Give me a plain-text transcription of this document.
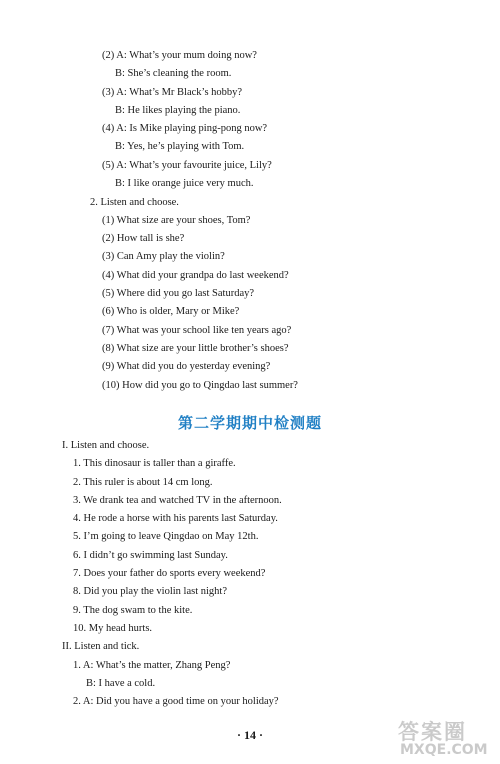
(2) A: What’s your mum doing now?
B: She’s cleaning the room.
(3) A: What’s Mr Black’s hobby?
B: He likes playing the piano.
(4) A: Is Mike playing ping-pong now?
B: Yes, he’s playing with Tom.
(5) A: What’s your favourite juice, Lily?
B: I like orange juice very much.
2. Listen and choose.
(1) What size are your shoes, Tom?
(2) How tall is she?
(3) Can Amy play the violin?
(4) What did your grandpa do last weekend?
(5) Where did you go last Saturday?
(6) Who is older, Mary or Mike?
(7) What was your school like ten years ago?
(8) What size are your little brother’s shoes?
(9) What did you do yesterday evening?
(10) How did you go to Qingdao last summer?
第二学期期中检测题
I. Listen and choose.
1. This dinosaur is taller than a giraffe.
2. This ruler is about 14 cm long.
3. We drank tea and watched TV in the afternoon.
4. He rode a horse with his parents last Saturday.
5. I’m going to leave Qingdao on May 12th.
6. I didn’t go swimming last Sunday.
7. Does your father do sports every weekend?
8. Did you play the violin last night?
9. The dog swam to the kite.
10. My head hurts.
II. Listen and tick.
1. A: What’s the matter, Zhang Peng?
B: I have a cold.
2. A: Did you have a good time on your holiday?
· 14 ·	答案圈
MXQE.COM
